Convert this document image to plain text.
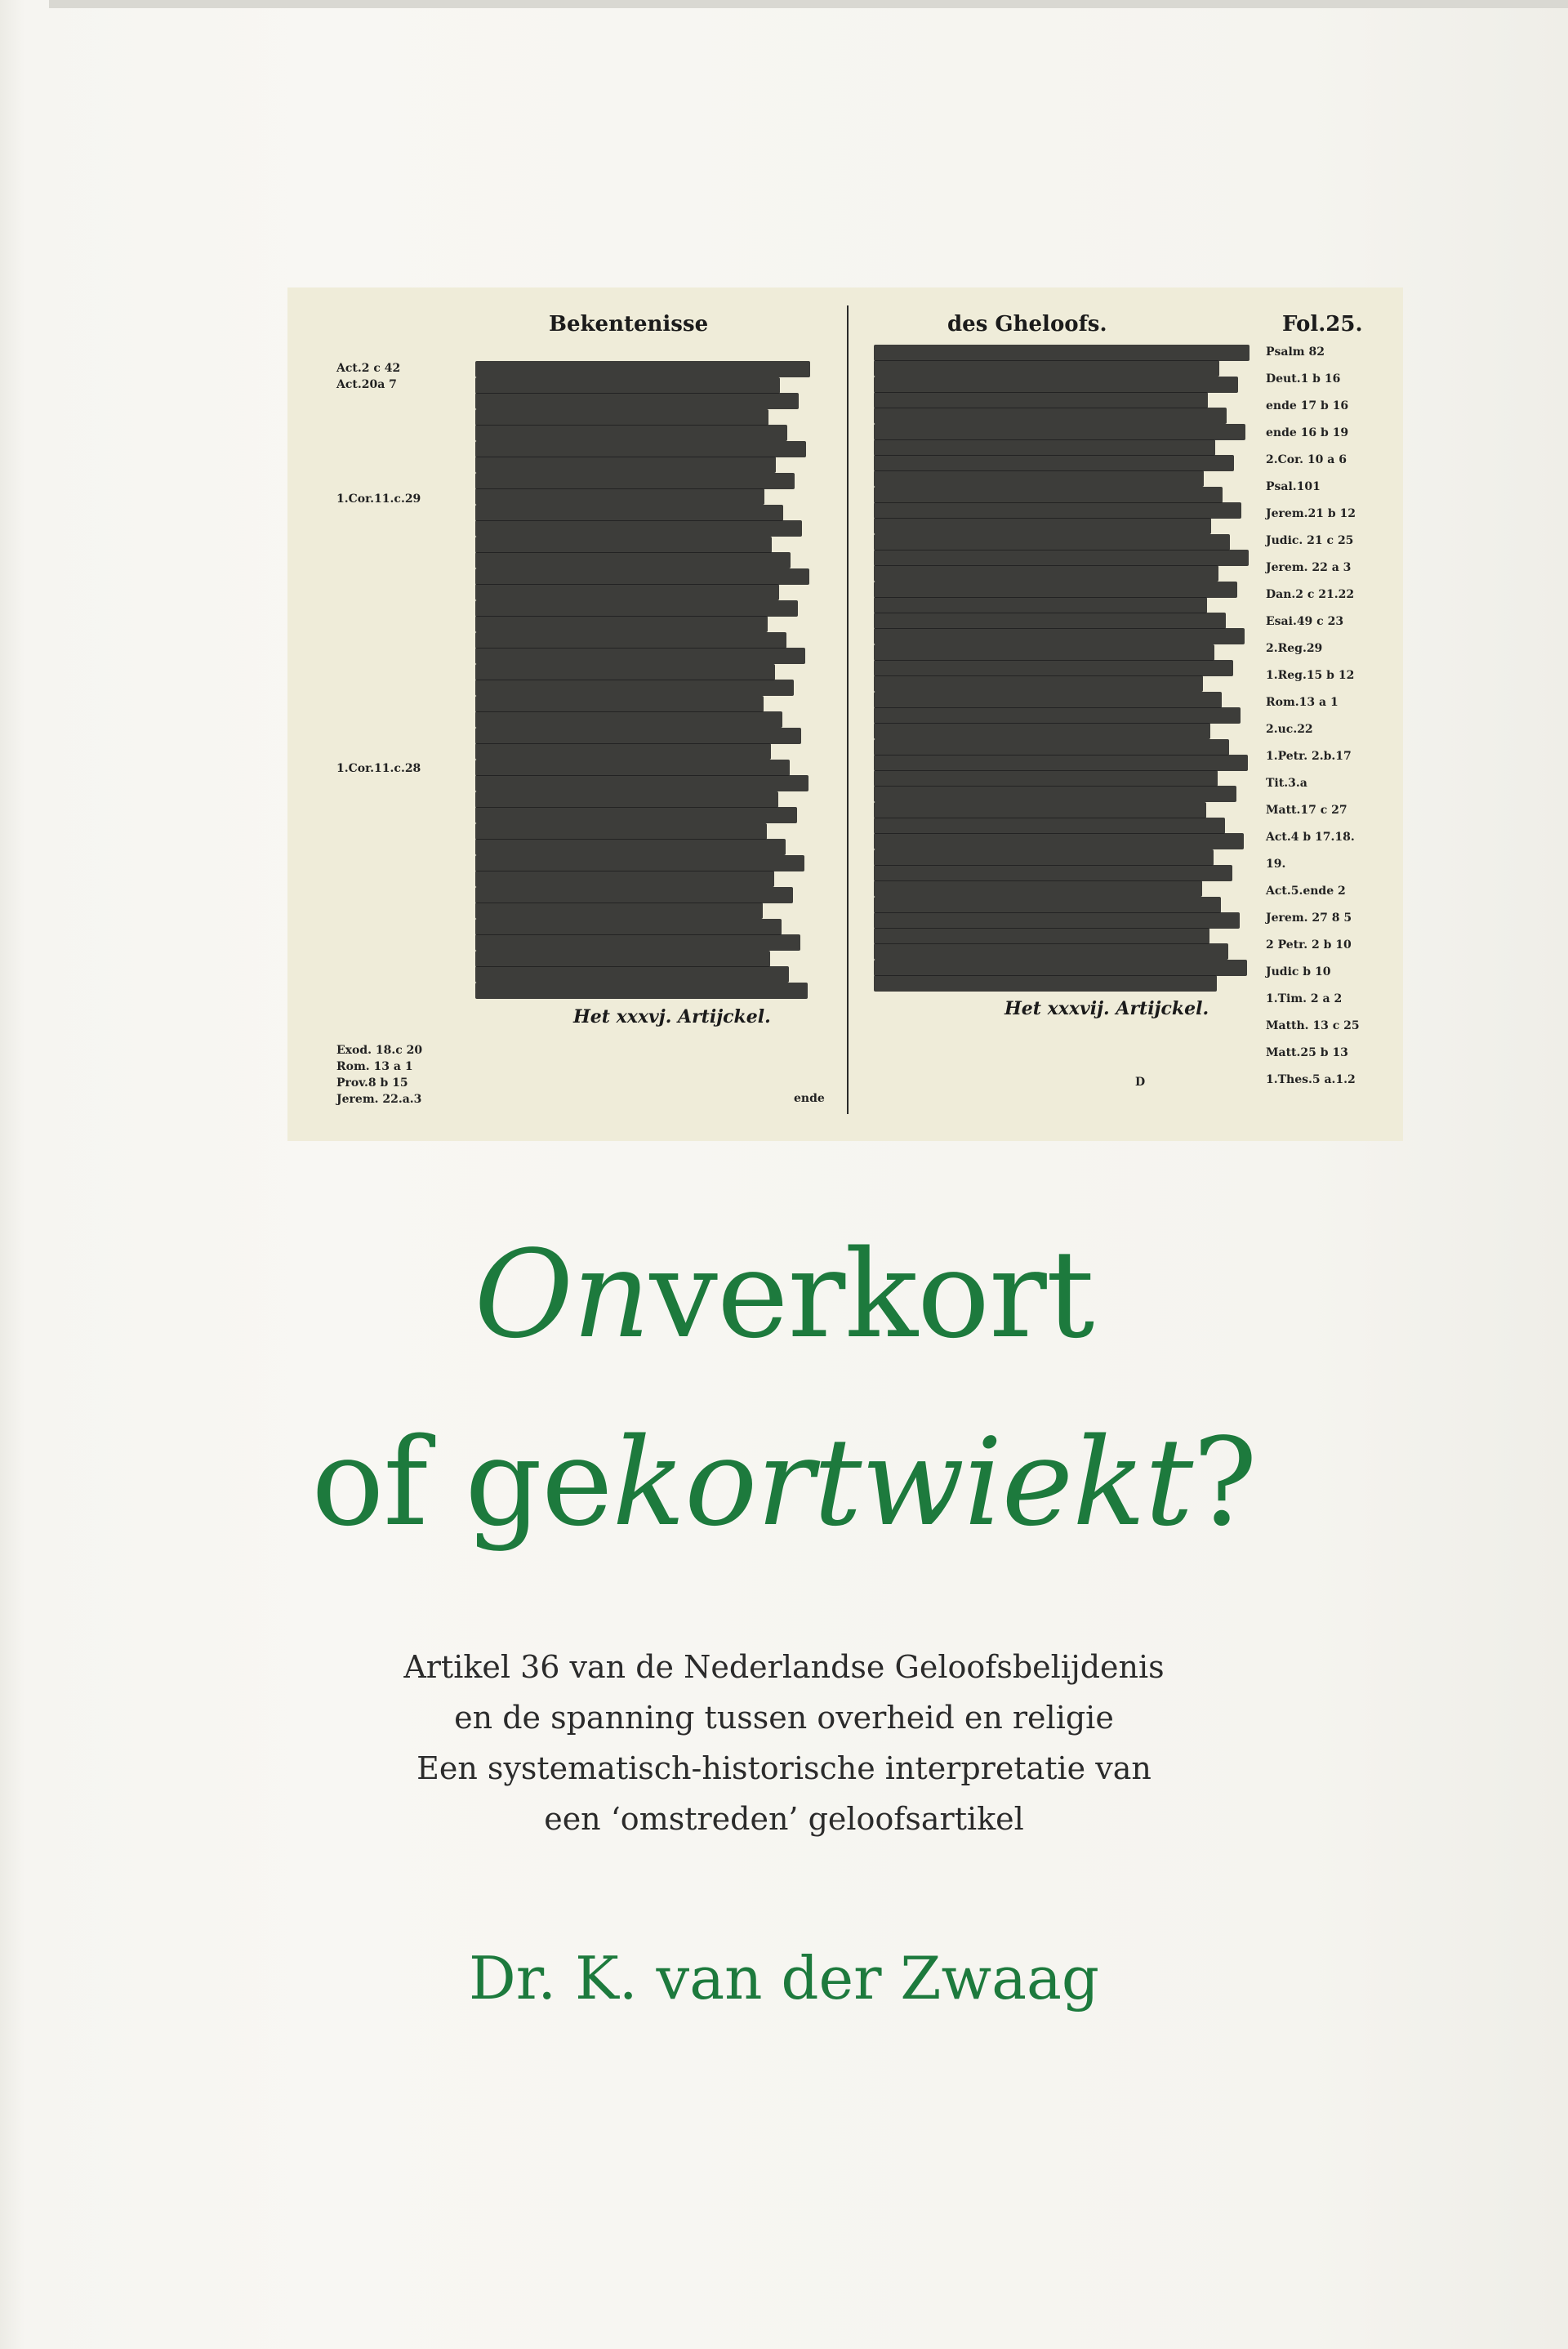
Bekentenisse
Het xxxvj. Artijckel.
ende
Act.2 c 42
Act.20a 7
1.Cor.11.c.29
1.Cor.11.c.28
Exod. 18.c 20
Rom. 13 a 1
Prov.8 b 15
Jerem. 22.a.3
des Gheloofs.	Fol.25.
Het xxxvij. Artijckel.
D
Psalm 82
Deut.1 b 16
ende 17 b 16
ende 16 b 19
2.Cor. 10 a 6
Psal.101
Jerem.21 b 12
Judic. 21 c 25
Jerem. 22 a 3
Dan.2 c 21.22
Esai.49 c 23
2.Reg.29
1.Reg.15 b 12
Rom.13 a 1
2.uc.22
1.Petr. 2.b.17
Tit.3.a
Matt.17 c 27
Act.4 b 17.18.
19.
Act.5.ende 2
Jerem. 27 8 5
2 Petr. 2 b 10
Judic b 10
1.Tim. 2 a 2
Matth. 13 c 25
Matt.25 b 13
1.Thes.5 a.1.2
Onverkort
of gekortwiekt?
Artikel 36 van de Nederlandse Geloofsbelijdenis
en de spanning tussen overheid en religie
Een systematisch-historische interpretatie van
een ‘omstreden’ geloofsartikel
Dr. K. van der Zwaag
